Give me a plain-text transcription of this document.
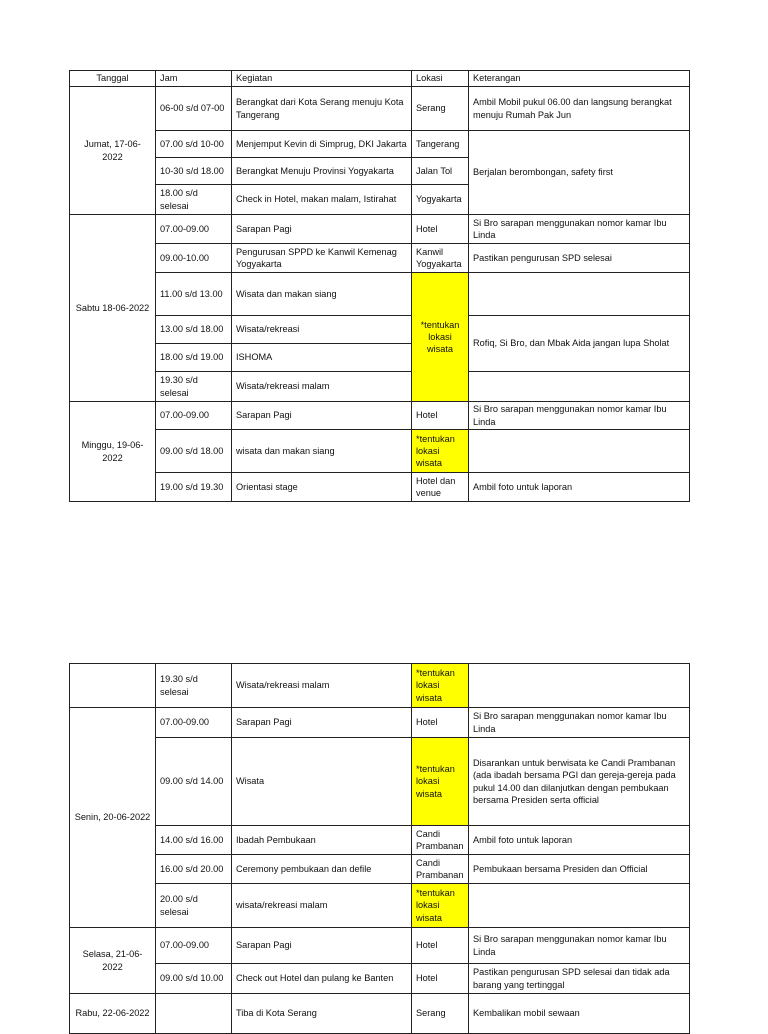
Tanggal	Jam	Kegiatan	Lokasi	Keterangan
Jumat, 17-06-2022	06-00 s/d 07-00	Berangkat dari Kota Serang menuju Kota Tangerang	Serang	Ambil Mobil pukul 06.00 dan langsung berangkat menuju Rumah Pak Jun
	07.00 s/d 10-00	Menjemput Kevin di Simprug, DKI Jakarta	Tangerang	Berjalan berombongan, safety first
	10-30 s/d 18.00	Berangkat Menuju Provinsi Yogyakarta	Jalan Tol	
	18.00 s/d selesai	Check in Hotel, makan malam, Istirahat	Yogyakarta	
Sabtu 18-06-2022	07.00-09.00	Sarapan Pagi	Hotel	Si Bro sarapan menggunakan nomor kamar Ibu Linda
	09.00-10.00	Pengurusan SPPD ke Kanwil Kemenag Yogyakarta	Kanwil Yogyakarta	Pastikan pengurusan SPD selesai
	11.00 s/d 13.00	Wisata dan makan siang	*tentukan lokasi wisata	
	13.00 s/d 18.00	Wisata/rekreasi		Rofiq, Si Bro, dan Mbak Aida jangan lupa Sholat
	18.00 s/d 19.00	ISHOMA		
	19.30 s/d selesai	Wisata/rekreasi malam		
Minggu, 19-06-2022	07.00-09.00	Sarapan Pagi	Hotel	Si Bro sarapan menggunakan nomor kamar Ibu Linda
	09.00 s/d 18.00	wisata dan makan siang	*tentukan lokasi wisata	
	19.00 s/d 19.30	Orientasi stage	Hotel dan venue	Ambil foto untuk laporan
	19.30 s/d selesai	Wisata/rekreasi malam	*tentukan lokasi wisata	
Senin, 20-06-2022	07.00-09.00	Sarapan Pagi	Hotel	Si Bro sarapan menggunakan nomor kamar Ibu Linda
	09.00 s/d 14.00	Wisata	*tentukan lokasi wisata	Disarankan untuk berwisata ke Candi Prambanan (ada ibadah bersama PGI dan gereja-gereja pada pukul 14.00 dan dilanjutkan dengan pembukaan bersama Presiden serta official
	14.00 s/d 16.00	Ibadah Pembukaan	Candi Prambanan	Ambil foto untuk laporan
	16.00 s/d 20.00	Ceremony pembukaan dan defile	Candi Prambanan	Pembukaan bersama Presiden dan Official
	20.00 s/d selesai	wisata/rekreasi malam	*tentukan lokasi wisata	
Selasa, 21-06-2022	07.00-09.00	Sarapan Pagi	Hotel	Si Bro sarapan menggunakan nomor kamar Ibu Linda
	09.00 s/d 10.00	Check out Hotel dan pulang ke Banten	Hotel	Pastikan pengurusan SPD selesai dan tidak ada barang yang tertinggal
Rabu, 22-06-2022		Tiba di Kota Serang	Serang	Kembalikan mobil sewaan
